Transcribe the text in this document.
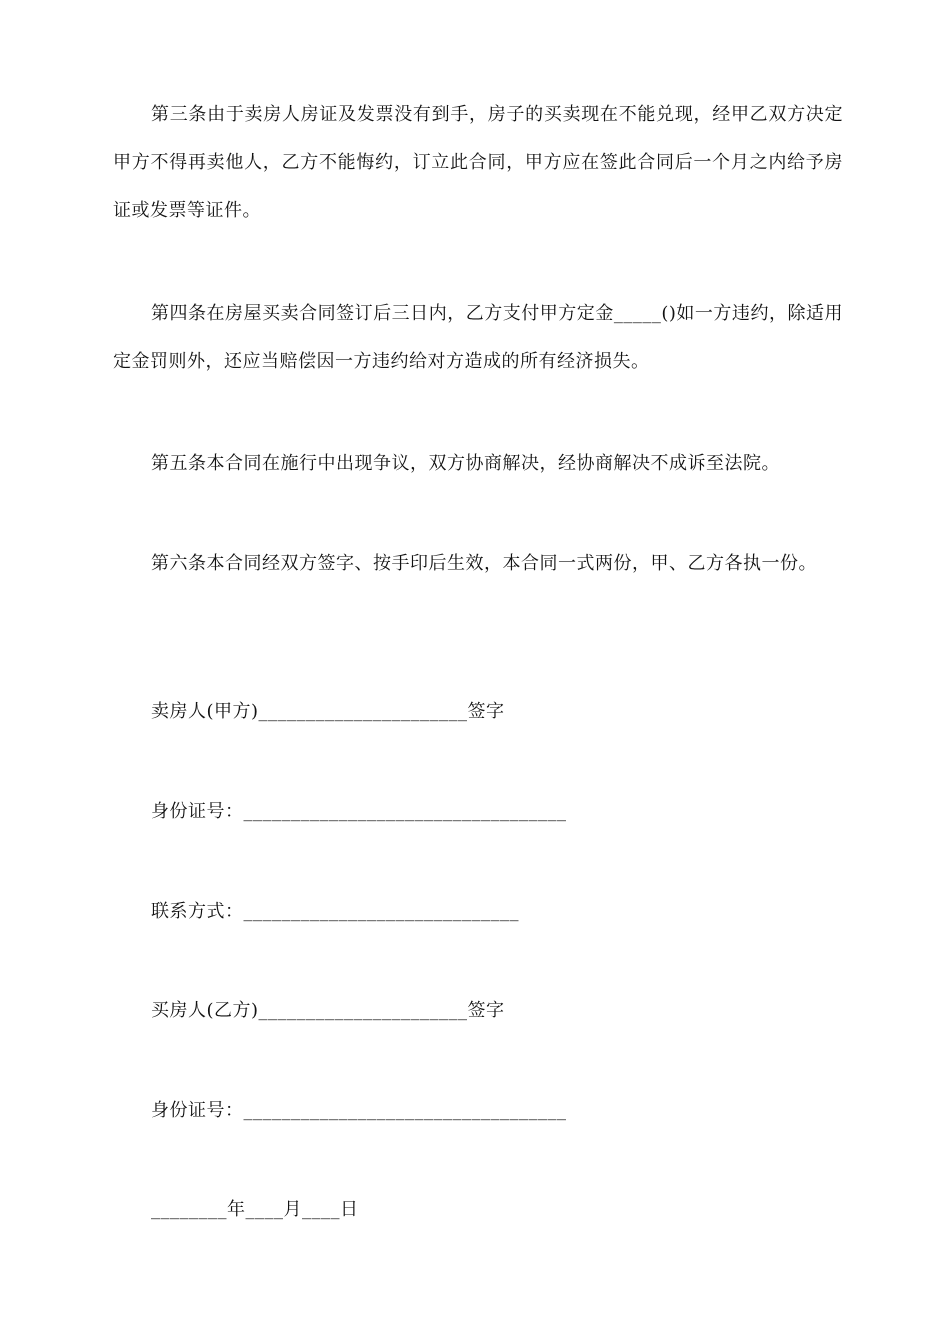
第三条由于卖房人房证及发票没有到手，房子的买卖现在不能兑现，经甲乙双方决定甲方不得再卖他人，乙方不能悔约，订立此合同，甲方应在签此合同后一个月之内给予房证或发票等证件。

第四条在房屋买卖合同签订后三日内，乙方支付甲方定金_____()如一方违约，除适用定金罚则外，还应当赔偿因一方违约给对方造成的所有经济损失。

第五条本合同在施行中出现争议，双方协商解决，经协商解决不成诉至法院。

第六条本合同经双方签字、按手印后生效，本合同一式两份，甲、乙方各执一份。

卖房人(甲方)______________________签字
身份证号：__________________________________
联系方式：_____________________________
买房人(乙方)______________________签字
身份证号：__________________________________
________年____月____日
